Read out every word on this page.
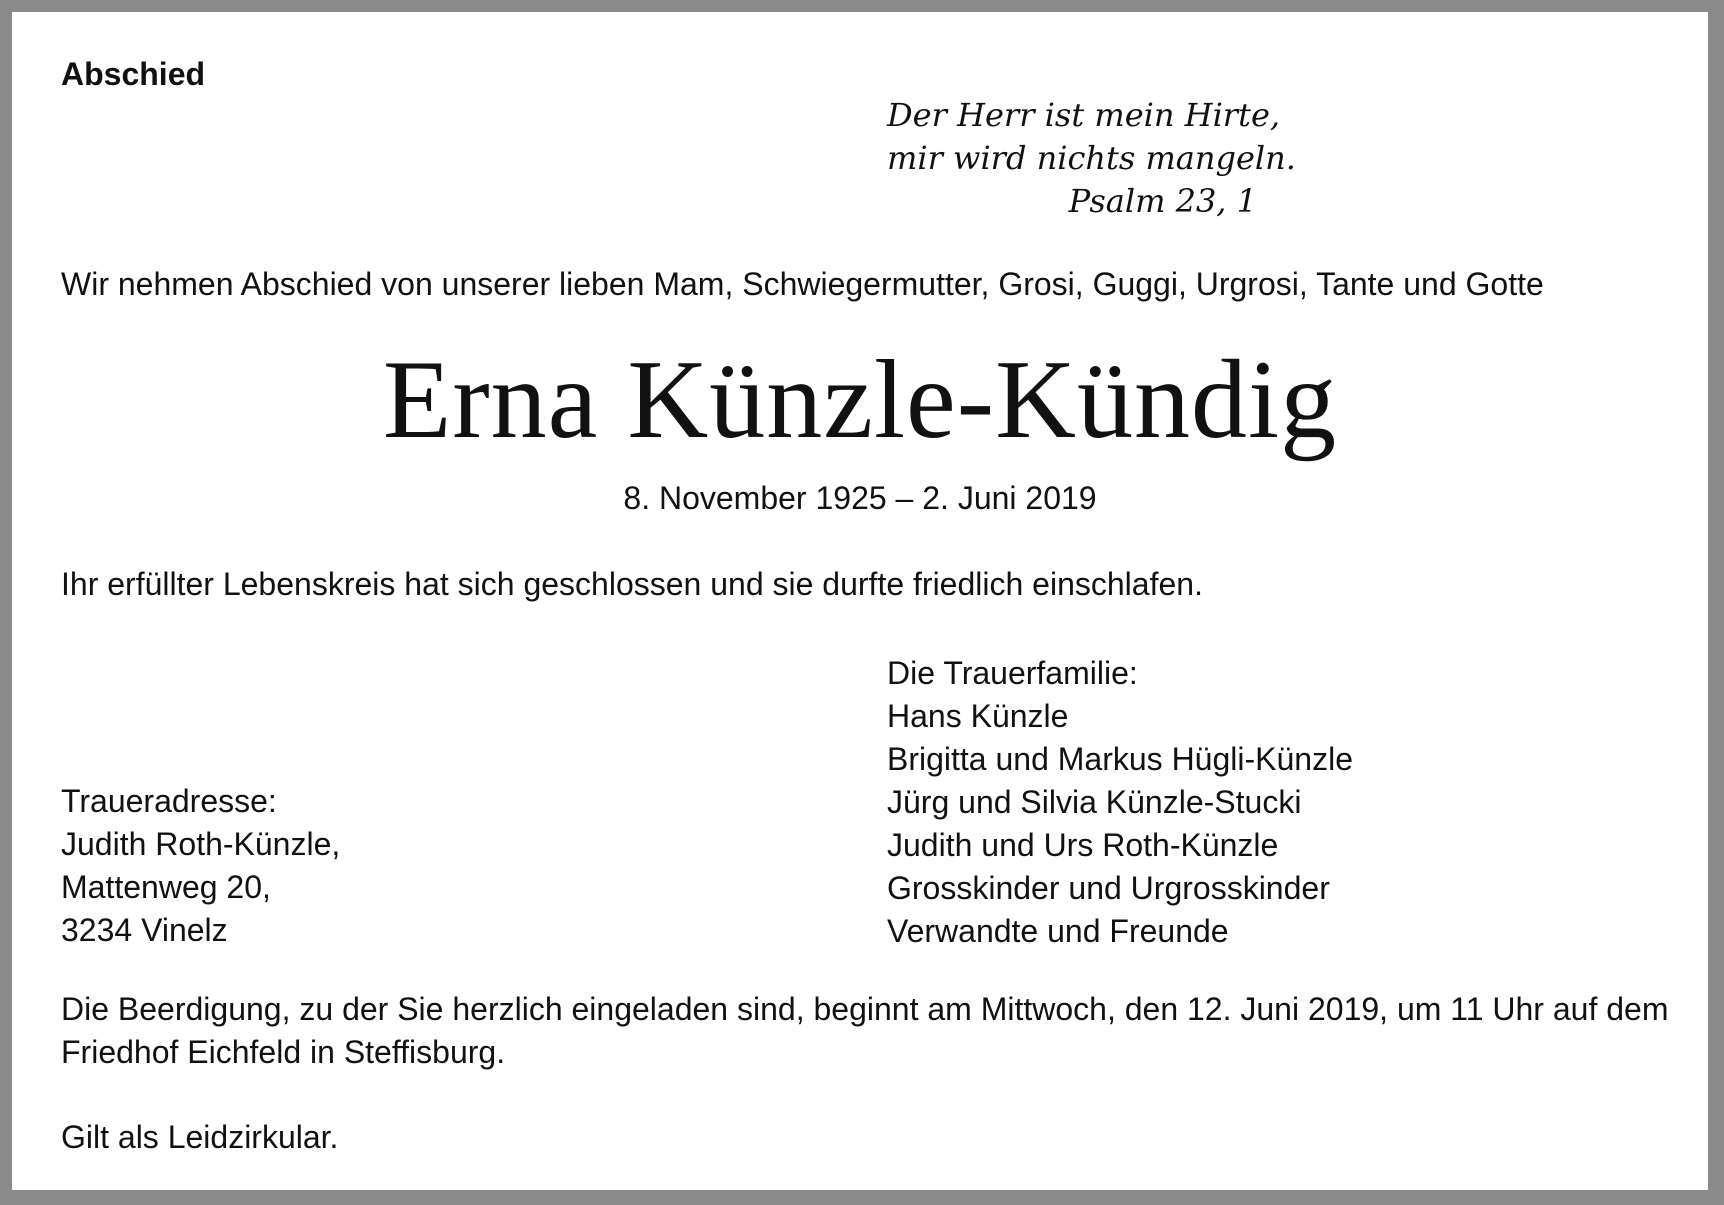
Abschied

Der Herr ist mein Hirte,
mir wird nichts mangeln.
Psalm 23, 1

Wir nehmen Abschied von unserer lieben Mam, Schwiegermutter, Grosi, Guggi, Urgrosi, Tante und Gotte

Erna Künzle-Kündig

8. November 1925 – 2. Juni 2019

Ihr erfüllter Lebenskreis hat sich geschlossen und sie durfte friedlich einschlafen.

Die Trauerfamilie:
Hans Künzle
Brigitta und Markus Hügli-Künzle
Jürg und Silvia Künzle-Stucki
Judith und Urs Roth-Künzle
Grosskinder und Urgrosskinder
Verwandte und Freunde
Traueradresse:
Judith Roth-Künzle,
Mattenweg 20,
3234 Vinelz

Die Beerdigung, zu der Sie herzlich eingeladen sind, beginnt am Mittwoch, den 12. Juni 2019, um 11 Uhr auf dem Friedhof Eichfeld in Steffisburg.

Gilt als Leidzirkular.
